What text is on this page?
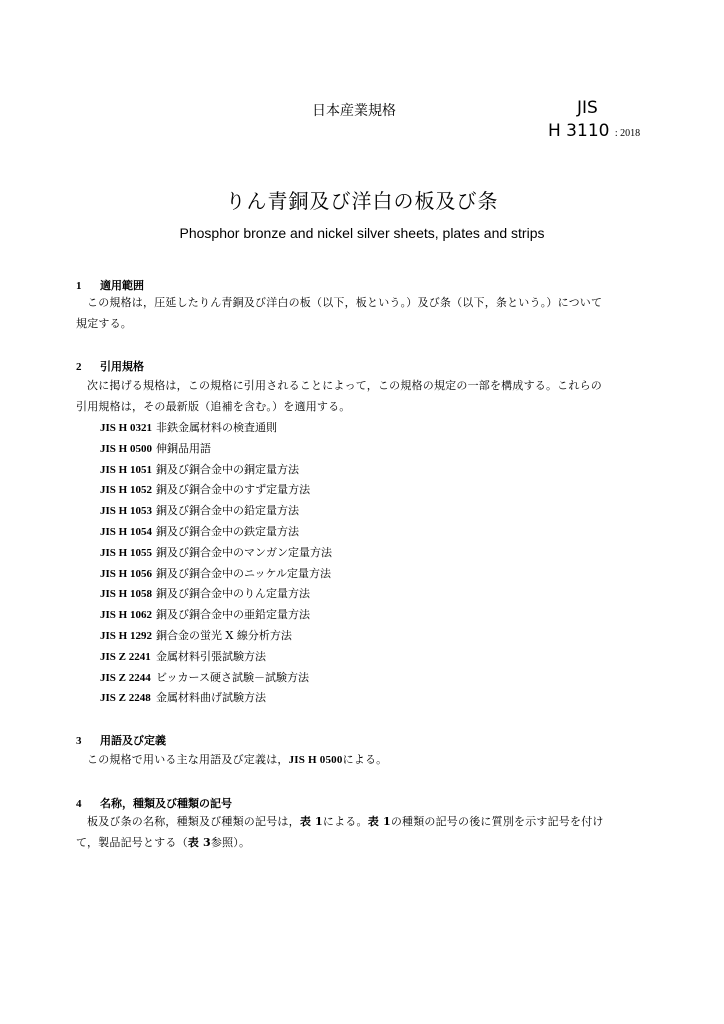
日本産業規格	JIS
H 3110 : 2018
りん青銅及び洋白の板及び条
Phosphor bronze and nickel silver sheets, plates and strips
1 適用範囲
この規格は，圧延したりん青銅及び洋白の板（以下，板という。）及び条（以下，条という。）について
規定する。
2 引用規格
次に掲げる規格は，この規格に引用されることによって，この規格の規定の一部を構成する。これらの
引用規格は，その最新版（追補を含む。）を適用する。
JIS H 0321 非鉄金属材料の検査通則
JIS H 0500 伸銅品用語
JIS H 1051 銅及び銅合金中の銅定量方法
JIS H 1052 銅及び銅合金中のすず定量方法
JIS H 1053 銅及び銅合金中の鉛定量方法
JIS H 1054 銅及び銅合金中の鉄定量方法
JIS H 1055 銅及び銅合金中のマンガン定量方法
JIS H 1056 銅及び銅合金中のニッケル定量方法
JIS H 1058 銅及び銅合金中のりん定量方法
JIS H 1062 銅及び銅合金中の亜鉛定量方法
JIS H 1292 銅合金の蛍光 X 線分析方法
JIS Z 2241 金属材料引張試験方法
JIS Z 2244 ビッカース硬さ試験－試験方法
JIS Z 2248 金属材料曲げ試験方法
3 用語及び定義
この規格で用いる主な用語及び定義は，JIS H 0500による。
4 名称，種類及び種類の記号
板及び条の名称，種類及び種類の記号は，表 1による。表 1の種類の記号の後に質別を示す記号を付け
て，製品記号とする（表 3参照）。
